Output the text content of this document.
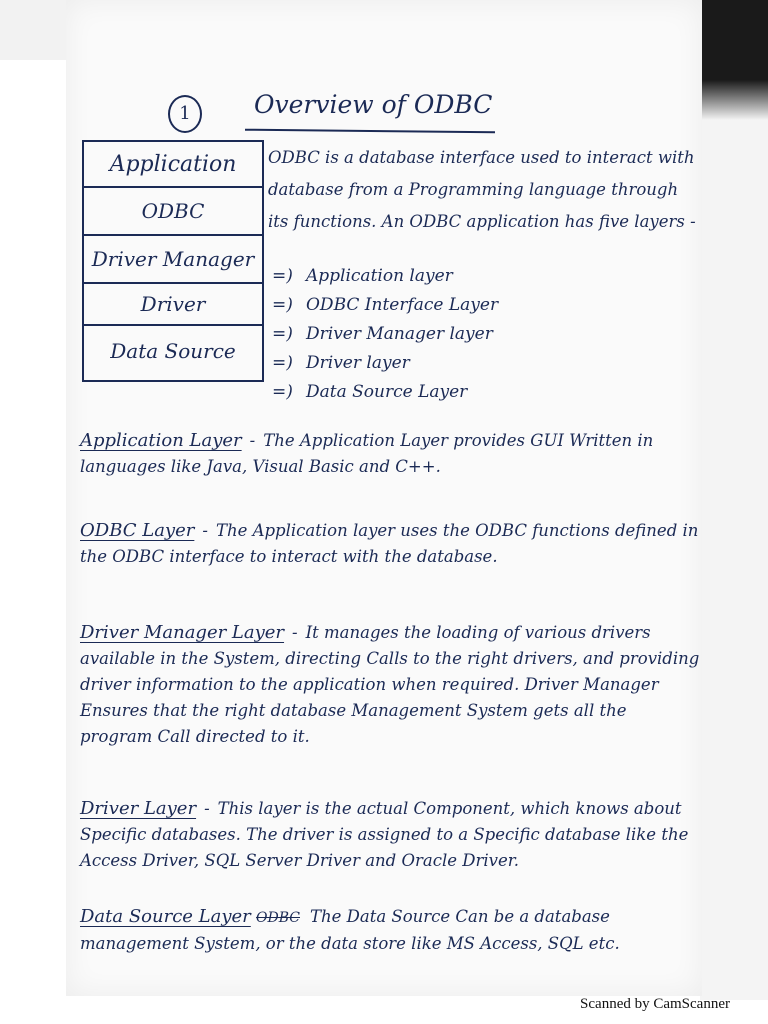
1	Overview of ODBC
Application
ODBC
Driver Manager
Driver
Data Source
ODBC is a database interface used to interact with database from a Programming language through its functions. An ODBC application has five layers -
=) Application layer
=) ODBC Interface Layer
=) Driver Manager layer
=) Driver layer
=) Data Source Layer
Application Layer - The Application Layer provides GUI Written in languages like Java, Visual Basic and C++.
ODBC Layer - The Application layer uses the ODBC functions defined in the ODBC interface to interact with the database.
Driver Manager Layer - It manages the loading of various drivers available in the System, directing Calls to the right drivers, and providing driver information to the application when required. Driver Manager Ensures that the right database Management System gets all the program Call directed to it.
Driver Layer - This layer is the actual Component, which knows about Specific databases. The driver is assigned to a Specific database like the Access Driver, SQL Server Driver and Oracle Driver.
Data Source Layer ODBC The Data Source Can be a database management System, or the data store like MS Access, SQL etc.
Scanned by CamScanner
